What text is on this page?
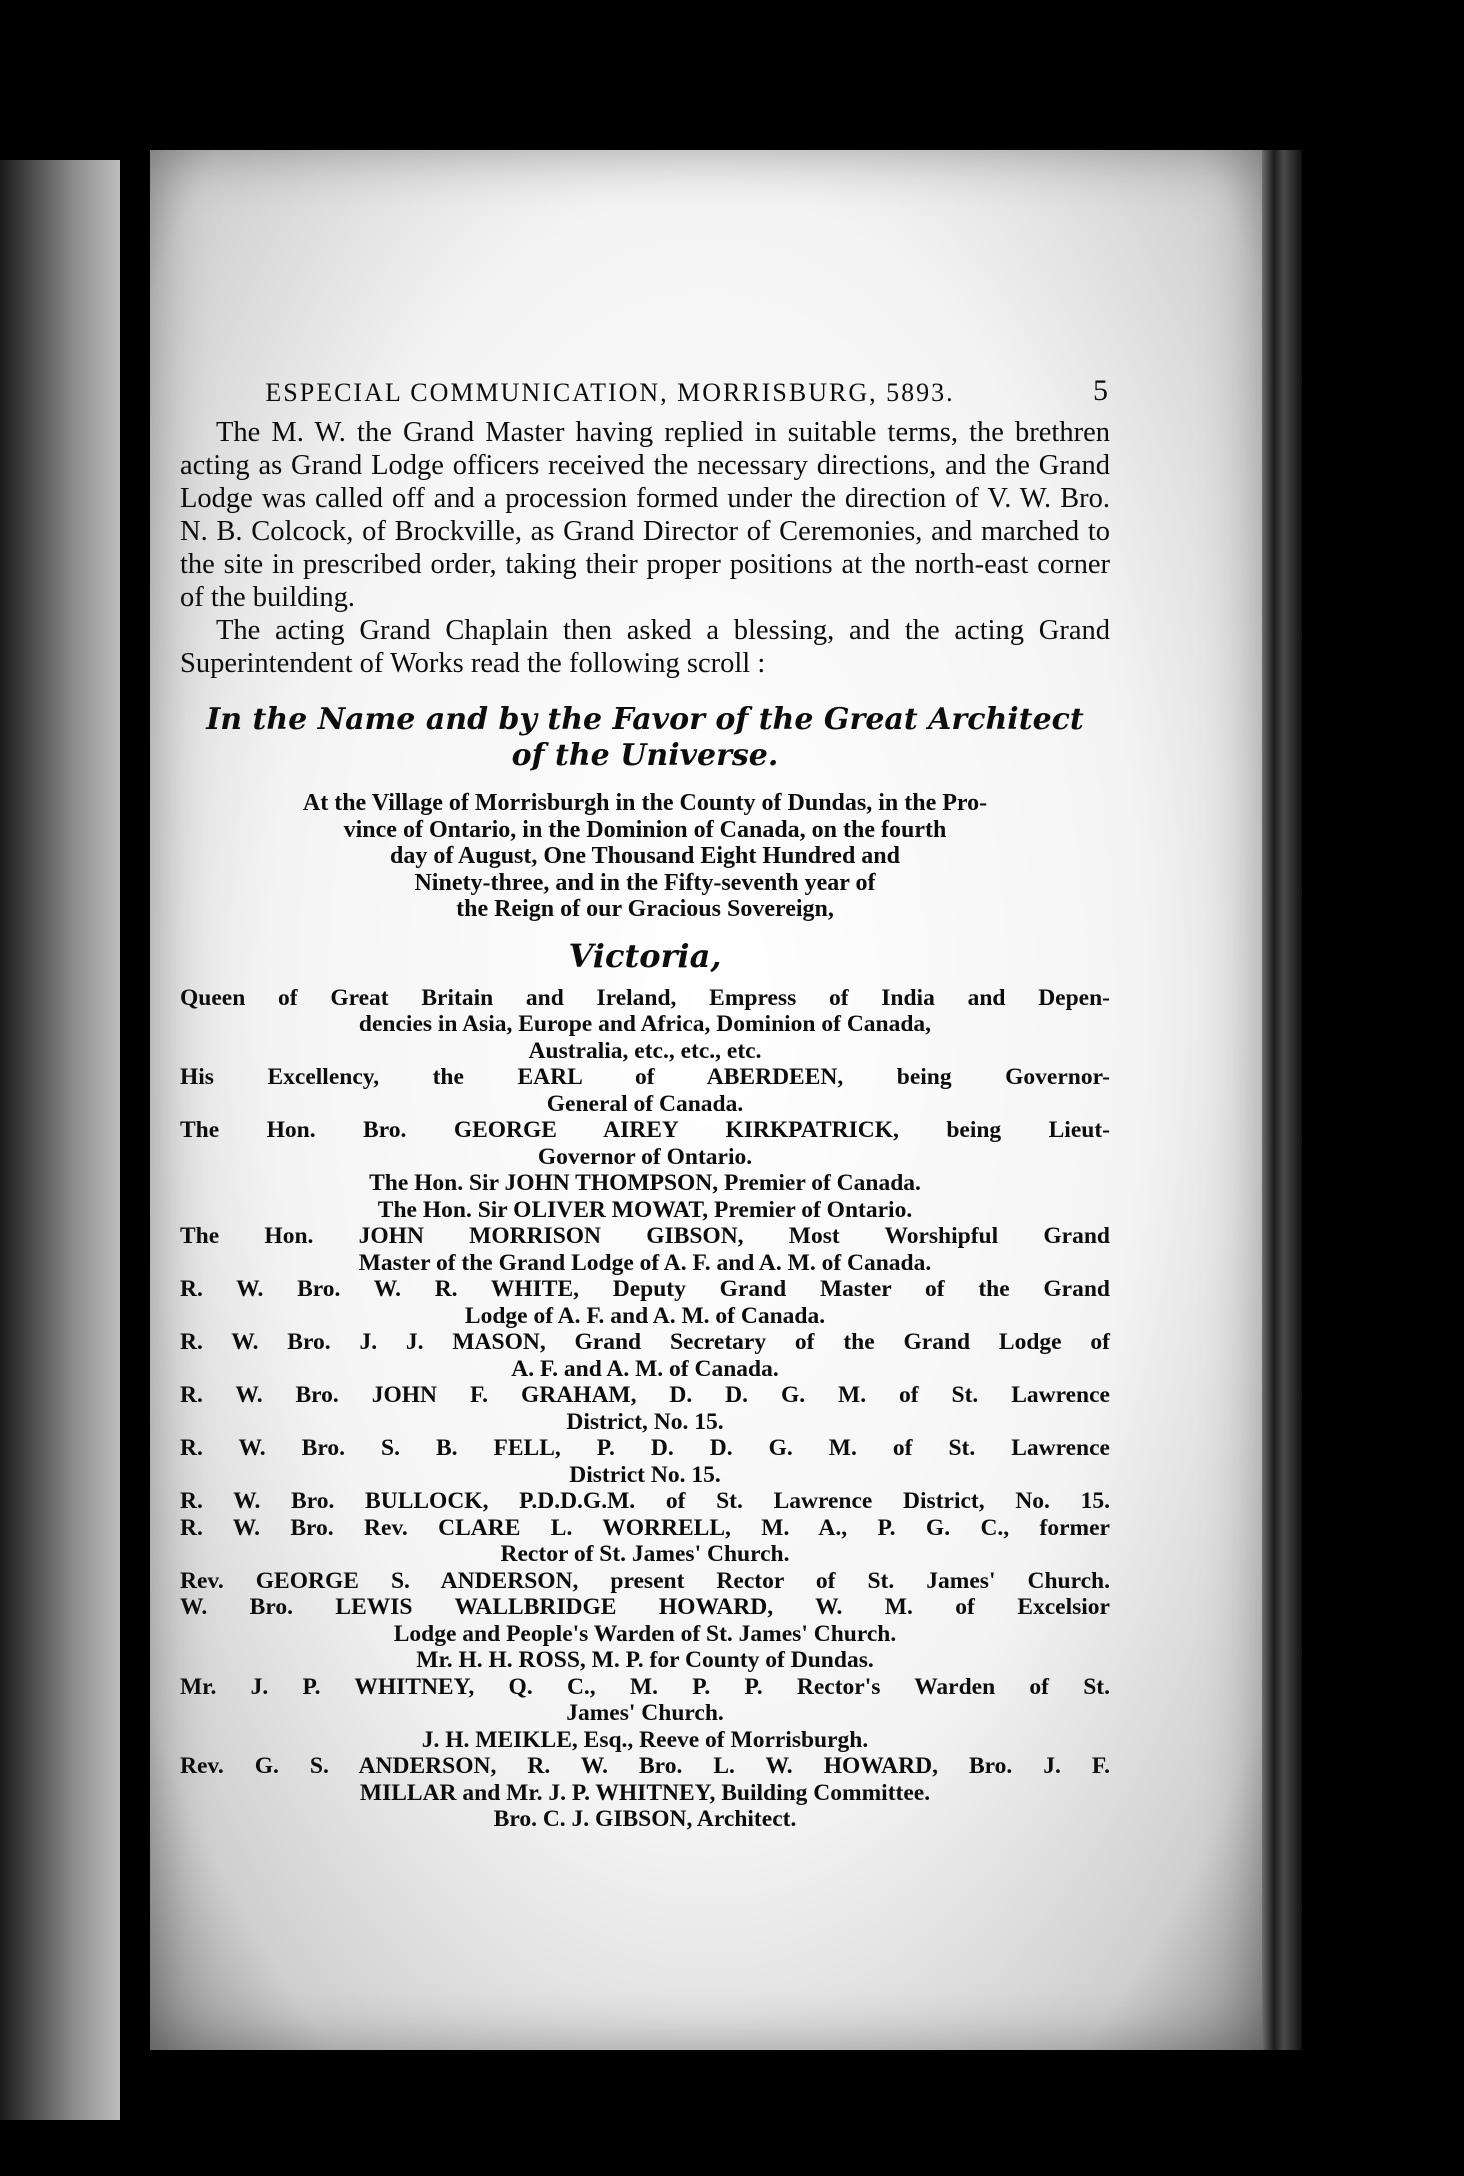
ESPECIAL COMMUNICATION, MORRISBURG, 5893.	5

The M. W. the Grand Master having replied in suitable terms, the brethren acting as Grand Lodge officers received the necessary directions, and the Grand Lodge was called off and a procession formed under the direction of V. W. Bro. N. B. Colcock, of Brockville, as Grand Director of Ceremonies, and marched to the site in prescribed order, taking their proper positions at the north-east corner of the building.

The acting Grand Chaplain then asked a blessing, and the acting Grand Superintendent of Works read the following scroll :

In the Name and by the Favor of the Great Architect
of the Universe.
At the Village of Morrisburgh in the County of Dundas, in the Pro-
vince of Ontario, in the Dominion of Canada, on the fourth
day of August, One Thousand Eight Hundred and
Ninety-three, and in the Fifty-seventh year of
the Reign of our Gracious Sovereign,
Victoria,
Queen of Great Britain and Ireland, Empress of India and Depen-
dencies in Asia, Europe and Africa, Dominion of Canada,
Australia, etc., etc., etc.
His Excellency, the EARL of ABERDEEN, being Governor-
General of Canada.
The Hon. Bro. GEORGE AIREY KIRKPATRICK, being Lieut-
Governor of Ontario.
The Hon. Sir JOHN THOMPSON, Premier of Canada.
The Hon. Sir OLIVER MOWAT, Premier of Ontario.
The Hon. JOHN MORRISON GIBSON, Most Worshipful Grand
Master of the Grand Lodge of A. F. and A. M. of Canada.
R. W. Bro. W. R. WHITE, Deputy Grand Master of the Grand
Lodge of A. F. and A. M. of Canada.
R. W. Bro. J. J. MASON, Grand Secretary of the Grand Lodge of
A. F. and A. M. of Canada.
R. W. Bro. JOHN F. GRAHAM, D. D. G. M. of St. Lawrence
District, No. 15.
R. W. Bro. S. B. FELL, P. D. D. G. M. of St. Lawrence
District No. 15.
R. W. Bro. BULLOCK, P.D.D.G.M. of St. Lawrence District, No. 15.
R. W. Bro. Rev. CLARE L. WORRELL, M. A., P. G. C., former
Rector of St. James' Church.
Rev. GEORGE S. ANDERSON, present Rector of St. James' Church.
W. Bro. LEWIS WALLBRIDGE HOWARD, W. M. of Excelsior
Lodge and People's Warden of St. James' Church.
Mr. H. H. ROSS, M. P. for County of Dundas.
Mr. J. P. WHITNEY, Q. C., M. P. P. Rector's Warden of St.
James' Church.
J. H. MEIKLE, Esq., Reeve of Morrisburgh.
Rev. G. S. ANDERSON, R. W. Bro. L. W. HOWARD, Bro. J. F.
MILLAR and Mr. J. P. WHITNEY, Building Committee.
Bro. C. J. GIBSON, Architect.
